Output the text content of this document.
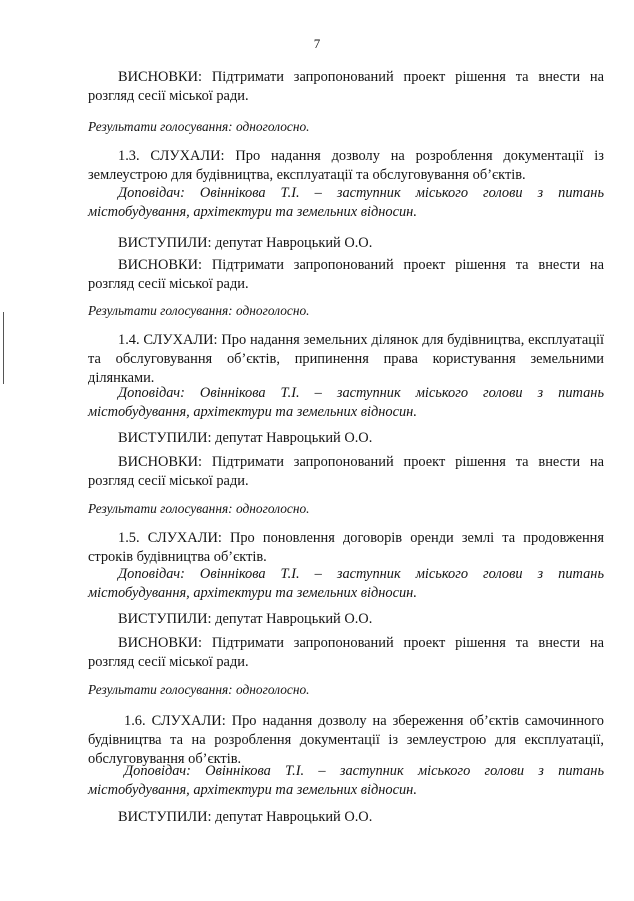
7

ВИСНОВКИ: Підтримати запропонований проект рішення та внести на розгляд сесії міської ради.

Результати голосування: одноголосно.

1.3. СЛУХАЛИ: Про надання дозволу на розроблення документації із землеустрою для будівництва, експлуатації та обслуговування об’єктів.

Доповідач: Овіннікова Т.І. – заступник міського голови з питань містобудування, архітектури та земельних відносин.

ВИСТУПИЛИ: депутат Навроцький О.О.

ВИСНОВКИ: Підтримати запропонований проект рішення та внести на розгляд сесії міської ради.

Результати голосування: одноголосно.

1.4. СЛУХАЛИ: Про надання земельних ділянок для будівництва, експлуатації та обслуговування об’єктів, припинення права користування земельними ділянками.

Доповідач: Овіннікова Т.І. – заступник міського голови з питань містобудування, архітектури та земельних відносин.

ВИСТУПИЛИ: депутат Навроцький О.О.

ВИСНОВКИ: Підтримати запропонований проект рішення та внести на розгляд сесії міської ради.

Результати голосування: одноголосно.

1.5. СЛУХАЛИ: Про поновлення договорів оренди землі та продовження строків будівництва об’єктів.

Доповідач: Овіннікова Т.І. – заступник міського голови з питань містобудування, архітектури та земельних відносин.

ВИСТУПИЛИ: депутат Навроцький О.О.

ВИСНОВКИ: Підтримати запропонований проект рішення та внести на розгляд сесії міської ради.

Результати голосування: одноголосно.

1.6. СЛУХАЛИ: Про надання дозволу на збереження об’єктів самочинного будівництва та на розроблення документації із землеустрою для експлуатації, обслуговування об’єктів.

Доповідач: Овіннікова Т.І. – заступник міського голови з питань містобудування, архітектури та земельних відносин.

ВИСТУПИЛИ: депутат Навроцький О.О.
